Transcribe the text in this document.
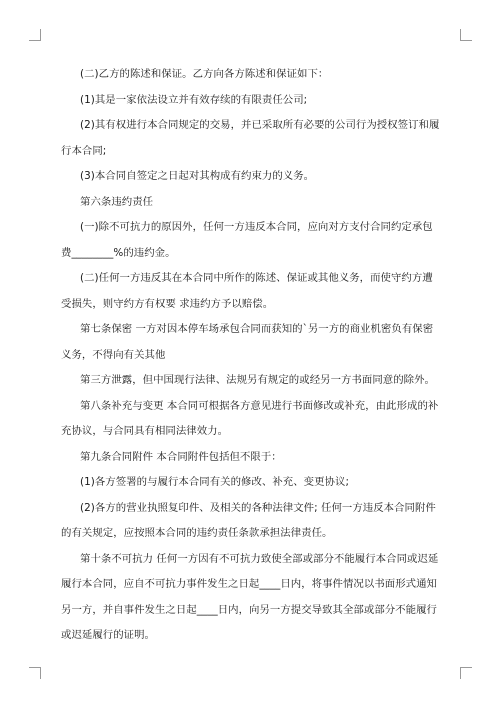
(二)乙方的陈述和保证。乙方向各方陈述和保证如下：

(1)其是一家依法设立并有效存续的有限责任公司;

(2)其有权进行本合同规定的交易，并已采取所有必要的公司行为授权签订和履行本合同;

(3)本合同自签定之日起对其构成有约束力的义务。

第六条违约责任

(一)除不可抗力的原因外，任何一方违反本合同，应向对方支付合同约定承包费________%的违约金。

(二)任何一方违反其在本合同中所作的陈述、保证或其他义务，而使守约方遭受损失，则守约方有权要 求违约方予以赔偿。

第七条保密 一方对因本停车场承包合同而获知的`另一方的商业机密负有保密义务，不得向有关其他

第三方泄露，但中国现行法律、法规另有规定的或经另一方书面同意的除外。

第八条补充与变更 本合同可根据各方意见进行书面修改或补充，由此形成的补充协议，与合同具有相同法律效力。

第九条合同附件 本合同附件包括但不限于：

(1)各方签署的与履行本合同有关的修改、补充、变更协议;

(2)各方的营业执照复印件、及相关的各种法律文件; 任何一方违反本合同附件的有关规定，应按照本合同的违约责任条款承担法律责任。

第十条不可抗力 任何一方因有不可抗力致使全部或部分不能履行本合同或迟延履行本合同，应自不可抗力事件发生之日起____日内，将事件情况以书面形式通知另一方，并自事件发生之日起____日内，向另一方提交导致其全部或部分不能履行或迟延履行的证明。
